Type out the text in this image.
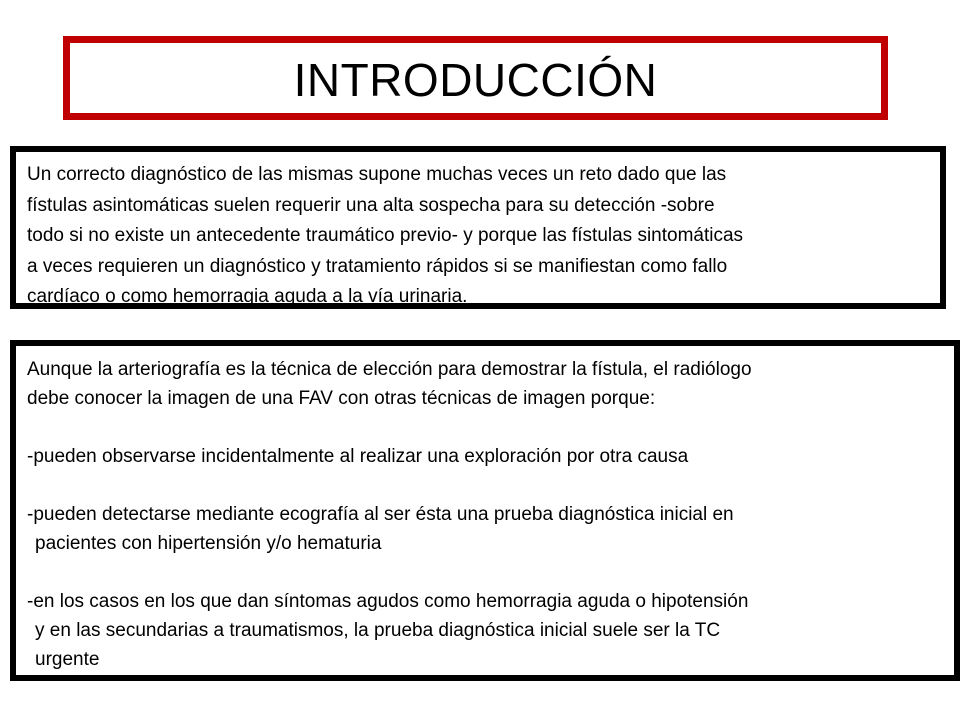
INTRODUCCIÓN
Un correcto diagnóstico de las mismas supone muchas veces un reto dado que las
fístulas asintomáticas suelen requerir una alta sospecha para su detección -sobre
todo si no existe un antecedente traumático previo- y porque las fístulas sintomáticas
a veces requieren un diagnóstico y tratamiento rápidos si se manifiestan como fallo
cardíaco o como hemorragia aguda a la vía urinaria.
Aunque la arteriografía es la técnica de elección para demostrar la fístula, el radiólogo
debe conocer la imagen de una FAV con otras técnicas de imagen porque:
-pueden observarse incidentalmente al realizar una exploración por otra causa
-pueden detectarse mediante ecografía al ser ésta una prueba diagnóstica inicial en
pacientes con hipertensión y/o hematuria
-en los casos en los que dan síntomas agudos como hemorragia aguda o hipotensión
y en las secundarias a traumatismos, la prueba diagnóstica inicial suele ser la TC
urgente
